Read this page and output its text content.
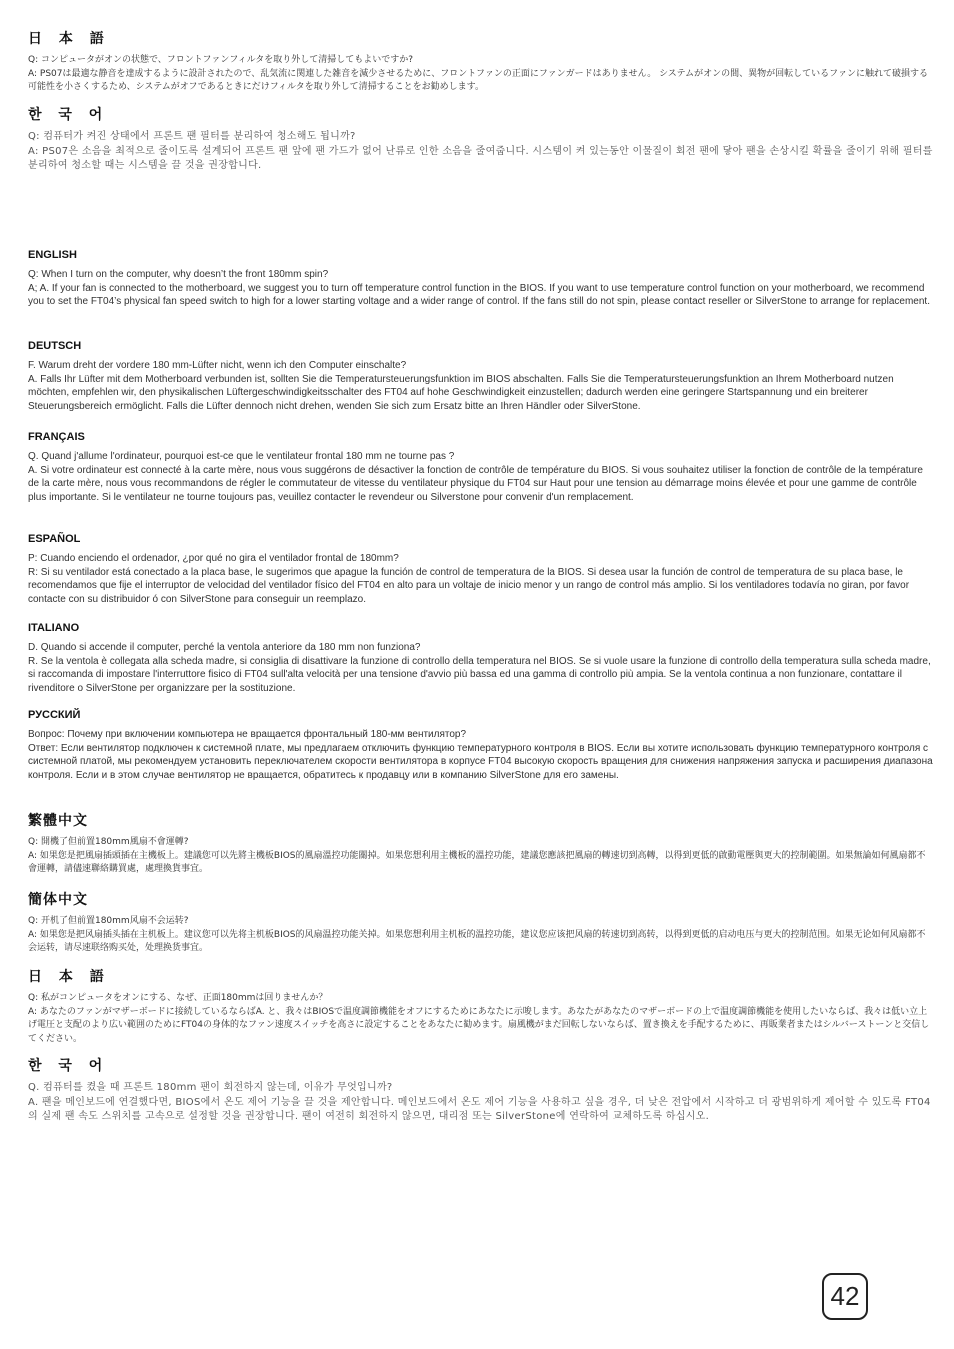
日 本 語

Q: コンピュータがオンの状態で、フロントファンフィルタを取り外して清掃してもよいですか?

A: PS07は最適な静音を達成するように設計されたので、乱気流に関連した雑音を減少させるために、フロントファンの正面にファンガードはありません。 システムがオンの間、異物が回転しているファンに触れて破損する可能性を小さくするため、システムがオフであるときにだけフィルタを取り外して清掃することをお勧めします。

한 국 어

Q: 컴퓨터가 켜진 상태에서 프론트 팬 필터를 분리하여 청소해도 됩니까?

A: PS07은 소음을 최적으로 줄이도록 설계되어 프론트 팬 앞에 팬 가드가 없어 난류로 인한 소음을 줄여줍니다. 시스템이 켜 있는동안 이물질이 회전 팬에 닿아 팬을 손상시킬 확률을 줄이기 위해 필터를 분리하여 청소할 때는 시스템을 끌 것을 권장합니다.

ENGLISH

Q: When I turn on the computer, why doesn’t the front 180mm spin?

A; A. If your fan is connected to the motherboard, we suggest you to turn off temperature control function in the BIOS. If you want to use temperature control function on your motherboard, we recommend you to set the FT04’s physical fan speed switch to high for a lower starting voltage and a wider range of control. If the fans still do not spin, please contact reseller or SilverStone to arrange for replacement.

DEUTSCH

F. Warum dreht der vordere 180 mm-Lüfter nicht, wenn ich den Computer einschalte?

A. Falls Ihr Lüfter mit dem Motherboard verbunden ist, sollten Sie die Temperatursteuerungsfunktion im BIOS abschalten. Falls Sie die Temperatursteuerungsfunktion an Ihrem Motherboard nutzen möchten, empfehlen wir, den physikalischen Lüftergeschwindigkeitsschalter des FT04 auf hohe Geschwindigkeit einzustellen; dadurch werden eine geringere Startspannung und ein breiterer Steuerungsbereich ermöglicht. Falls die Lüfter dennoch nicht drehen, wenden Sie sich zum Ersatz bitte an Ihren Händler oder SilverStone.

FRANÇAIS

Q. Quand j'allume l'ordinateur, pourquoi est-ce que le ventilateur frontal 180 mm ne tourne pas ?

A. Si votre ordinateur est connecté à la carte mère, nous vous suggérons de désactiver la fonction de contrôle de température du BIOS. Si vous souhaitez utiliser la fonction de contrôle de la température de la carte mère, nous vous recommandons de régler le commutateur de vitesse du ventilateur physique du FT04 sur Haut pour une tension au démarrage moins élevée et pour une gamme de contrôle plus importante. Si le ventilateur ne tourne toujours pas, veuillez contacter le revendeur ou Silverstone pour convenir d'un remplacement.

ESPAÑOL

P: Cuando enciendo el ordenador, ¿por qué no gira el ventilador frontal de 180mm?

R: Si su ventilador está conectado a la placa base, le sugerimos que apague la función de control de temperatura de la BIOS. Si desea usar la función de control de temperatura de su placa base, le recomendamos que fije el interruptor de velocidad del ventilador físico del FT04 en alto para un voltaje de inicio menor y un rango de control más amplio. Si los ventiladores todavía no giran, por favor contacte con su distribuidor ó con SilverStone para conseguir un reemplazo.

ITALIANO

D. Quando si accende il computer, perché la ventola anteriore da 180 mm non funziona?

R. Se la ventola è collegata alla scheda madre, si consiglia di disattivare la funzione di controllo della temperatura nel BIOS. Se si vuole usare la funzione di controllo della temperatura sulla scheda madre, si raccomanda di impostare l'interruttore fisico di FT04 sull'alta velocità per una tensione d'avvio più bassa ed una gamma di controllo più ampia. Se la ventola continua a non funzionare, contattare il rivenditore o SilverStone per organizzare per la sostituzione.

РУССКИЙ

Вопрос: Почему при включении компьютера не вращается фронтальный 180-мм вентилятор?

Ответ: Если вентилятор подключен к системной плате, мы предлагаем отключить функцию температурного контроля в BIOS. Если вы хотите использовать функцию температурного контроля с системной платой, мы рекомендуем установить переключателем скорости вентилятора в корпусе FT04 высокую скорость вращения для снижения напряжения запуска и расширения диапазона контроля. Если и в этом случае вентилятор не вращается, обратитесь к продавцу или в компанию SilverStone для его замены.

繁體中文

Q: 開機了但前置180mm風扇不會運轉?

A: 如果您是把風扇插頭插在主機板上。建議您可以先將主機板BIOS的風扇溫控功能關掉。如果您想利用主機板的溫控功能，建議您應該把風扇的轉速切到高轉，以得到更低的啟動電壓與更大的控制範圍。如果無論如何風扇都不會運轉，請儘速聯絡購買處，處理換貨事宜。

簡体中文

Q: 开机了但前置180mm风扇不会运转?

A: 如果您是把风扇插头插在主机板上。建议您可以先将主机板BIOS的风扇温控功能关掉。如果您想利用主机板的温控功能，建议您应该把风扇的转速切到高转，以得到更低的启动电压与更大的控制范围。如果无论如何风扇都不会运转，请尽速联络购买处，处理换货事宜。

日 本 語

Q: 私がコンピュータをオンにする、なぜ、正面180mmは回りませんか？

A: あなたのファンがマザーボードに接続しているならばA. と、我々はBIOSで温度調節機能をオフにするためにあなたに示唆します。あなたがあなたのマザーボードの上で温度調節機能を使用したいならば、我々は低い立上げ電圧と支配のより広い範囲のためにFT04の身体的なファン速度スイッチを高さに設定することをあなたに勧めます。扇風機がまだ回転しないならば、置き換えを手配するために、再販業者またはシルバーストーンと交信してください。

한 국 어

Q. 컴퓨터를 켰을 때 프론트 180mm 팬이 회전하지 않는데, 이유가 무엇입니까?

A. 팬을 메인보드에 연결했다면, BIOS에서 온도 제어 기능을 끌 것을 제안합니다. 메인보드에서 온도 제어 기능을 사용하고 싶을 경우, 더 낮은 전압에서 시작하고 더 광범위하게 제어할 수 있도록 FT04의 실제 팬 속도 스위치를 고속으로 설정할 것을 권장합니다. 팬이 여전히 회전하지 않으면, 대리점 또는 SilverStone에 연락하여 교체하도록 하십시오.

42
